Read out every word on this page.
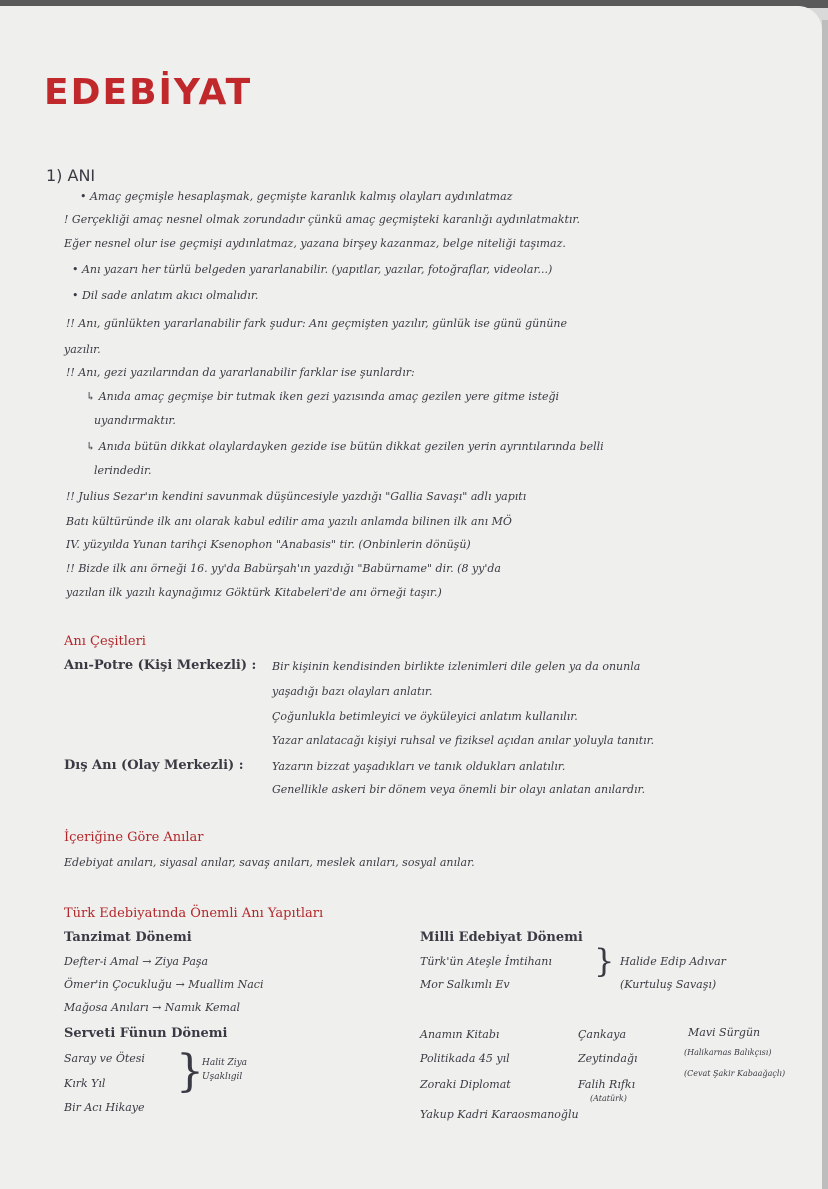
EDEBİYAT
1) ANI
• Amaç geçmişle hesaplaşmak, geçmişte karanlık kalmış olayları aydınlatmaz
! Gerçekliği amaç nesnel olmak zorundadır çünkü amaç geçmişteki karanlığı aydınlatmaktır.
Eğer nesnel olur ise geçmişi aydınlatmaz, yazana birşey kazanmaz, belge niteliği taşımaz.
• Anı yazarı her türlü belgeden yararlanabilir. (yapıtlar, yazılar, fotoğraflar, videolar...)
• Dil sade anlatım akıcı olmalıdır.
!! Anı, günlükten yararlanabilir fark şudur: Anı geçmişten yazılır, günlük ise günü gününe
yazılır.
!! Anı, gezi yazılarından da yararlanabilir farklar ise şunlardır:
↳ Anıda amaç geçmişe bir tutmak iken gezi yazısında amaç gezilen yere gitme isteği
uyandırmaktır.
↳ Anıda bütün dikkat olaylardayken gezide ise bütün dikkat gezilen yerin ayrıntılarında belli
lerindedir.
!! Julius Sezar'ın kendini savunmak düşüncesiyle yazdığı "Gallia Savaşı" adlı yapıtı
Batı kültüründe ilk anı olarak kabul edilir ama yazılı anlamda bilinen ilk anı MÖ
IV. yüzyılda Yunan tarihçi Ksenophon "Anabasis" tir. (Onbinlerin dönüşü)
!! Bizde ilk anı örneği 16. yy'da Babürşah'ın yazdığı "Babürname" dir. (8 yy'da
yazılan ilk yazılı kaynağımız Göktürk Kitabeleri'de anı örneği taşır.)
Anı Çeşitleri
Anı-Potre (Kişi Merkezli) : Bir kişinin kendisinden birlikte izlenimleri dile gelen ya da onunla
yaşadığı bazı olayları anlatır.
Çoğunlukla betimleyici ve öyküleyici anlatım kullanılır.
Yazar anlatacağı kişiyi ruhsal ve fiziksel açıdan anılar yoluyla tanıtır.
Dış Anı (Olay Merkezli) :	Yazarın bizzat yaşadıkları ve tanık oldukları anlatılır.
Genellikle askeri bir dönem veya önemli bir olayı anlatan anılardır.
İçeriğine Göre Anılar
Edebiyat anıları, siyasal anılar, savaş anıları, meslek anıları, sosyal anılar.
Türk Edebiyatında Önemli Anı Yapıtları
Tanzimat Dönemi
Defter-i Amal → Ziya Paşa
Ömer'in Çocukluğu → Muallim Naci
Mağosa Anıları → Namık Kemal
Serveti Fünun Dönemi
Saray ve Ötesi
Kırk Yıl
Bir Acı Hikaye
}
Halit Ziya Uşaklıgil
Milli Edebiyat Dönemi
Türk'ün Ateşle İmtihanı
Mor Salkımlı Ev
} Halide Edip Adıvar
(Kurtuluş Savaşı)
Anamın Kitabı
Politikada 45 yıl
Zoraki Diplomat
Çankaya
Zeytindağı
Falih Rıfkı
(Atatürk)
Mavi Sürgün
(Halikarnas Balıkçısı)
(Cevat Şakir Kabaağaçlı)
Yakup Kadri Karaosmanoğlu
